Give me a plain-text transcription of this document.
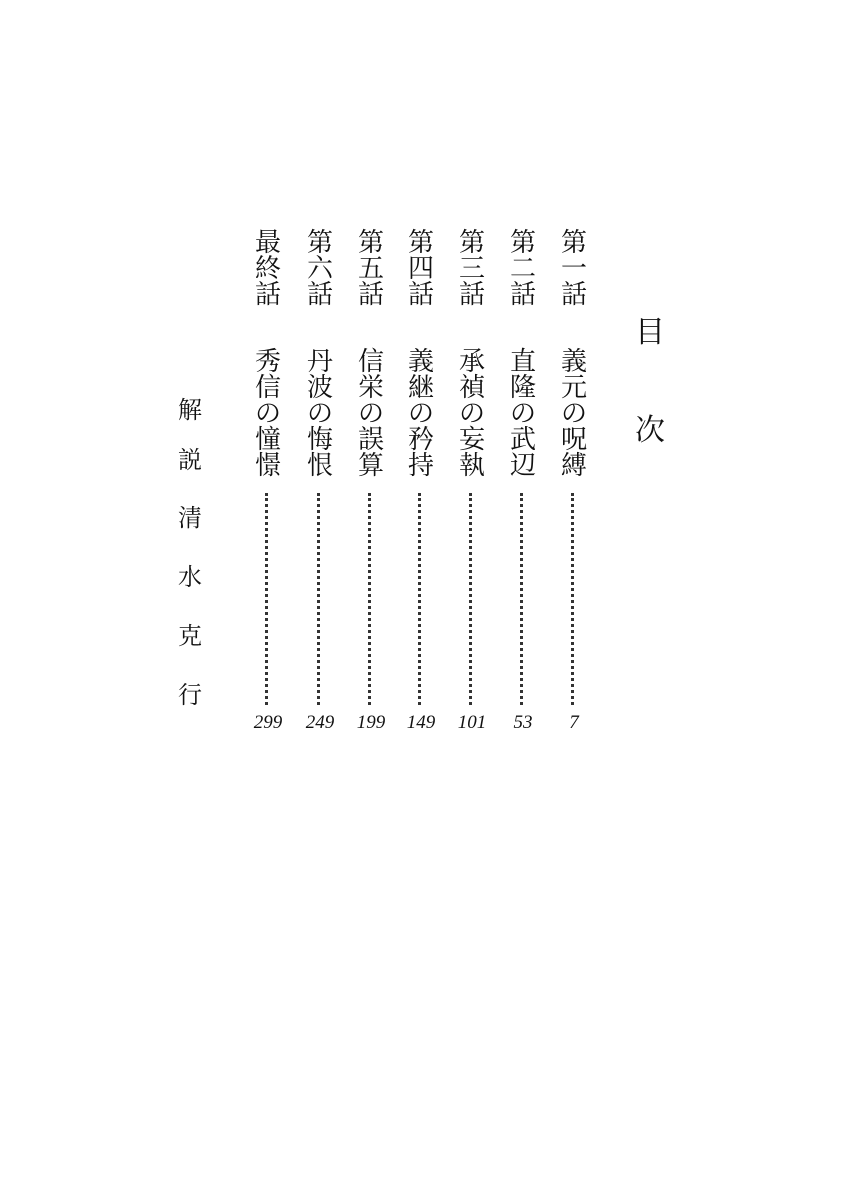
目
次
第一話
義元の呪縛
7
第二話
直隆の武辺
53
第三話
承禎の妄執
101
第四話
義継の矜持
149
第五話
信栄の誤算
199
第六話
丹波の悔恨
249
最終話
秀信の憧憬
299
解
説
清
水
克
行
